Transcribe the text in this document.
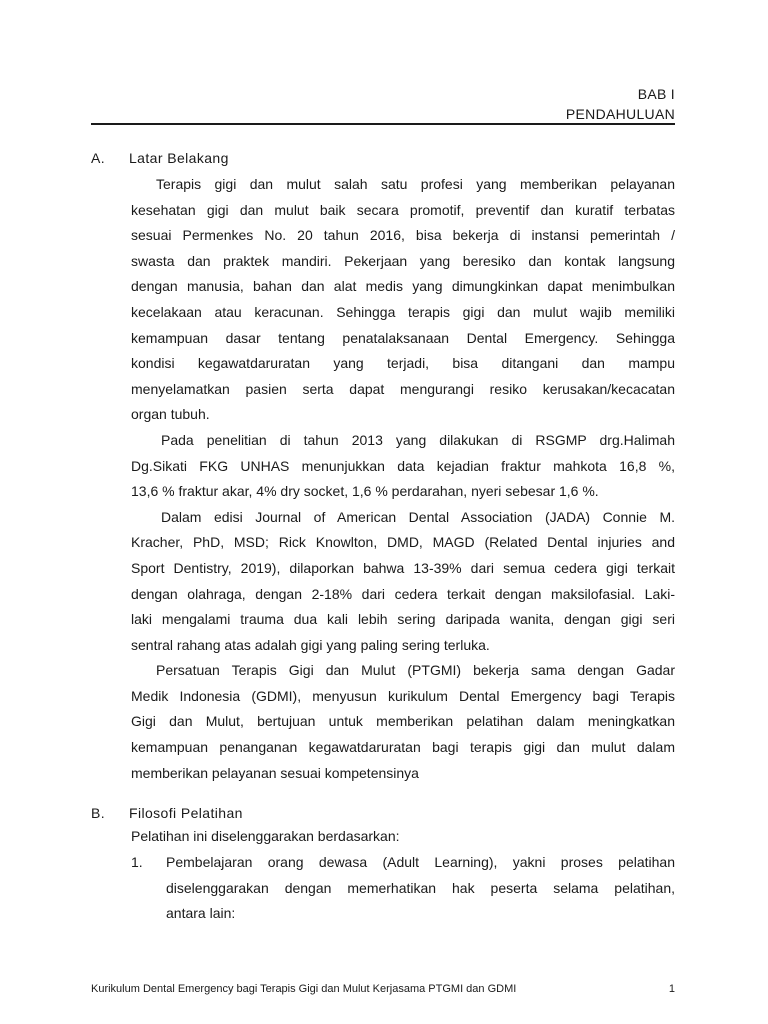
BAB I
PENDAHULUAN
A. Latar Belakang
Terapis gigi dan mulut salah satu profesi yang memberikan pelayanan
kesehatan gigi dan mulut baik secara promotif, preventif dan kuratif terbatas
sesuai Permenkes No. 20 tahun 2016, bisa bekerja di instansi pemerintah /
swasta dan praktek mandiri. Pekerjaan yang beresiko dan kontak langsung
dengan manusia, bahan dan alat medis yang dimungkinkan dapat menimbulkan
kecelakaan atau keracunan. Sehingga terapis gigi dan mulut wajib memiliki
kemampuan dasar tentang penatalaksanaan Dental Emergency. Sehingga
kondisi kegawatdaruratan yang terjadi, bisa ditangani dan mampu
menyelamatkan pasien serta dapat mengurangi resiko kerusakan/kecacatan
organ tubuh.
Pada penelitian di tahun 2013 yang dilakukan di RSGMP drg.Halimah
Dg.Sikati FKG UNHAS menunjukkan data kejadian fraktur mahkota 16,8 %,
13,6 % fraktur akar, 4% dry socket, 1,6 % perdarahan, nyeri sebesar 1,6 %.
Dalam edisi Journal of American Dental Association (JADA) Connie M.
Kracher, PhD, MSD; Rick Knowlton, DMD, MAGD (Related Dental injuries and
Sport Dentistry, 2019), dilaporkan bahwa 13-39% dari semua cedera gigi terkait
dengan olahraga, dengan 2-18% dari cedera terkait dengan maksilofasial. Laki-
laki mengalami trauma dua kali lebih sering daripada wanita, dengan gigi seri
sentral rahang atas adalah gigi yang paling sering terluka.
Persatuan Terapis Gigi dan Mulut (PTGMI) bekerja sama dengan Gadar
Medik Indonesia (GDMI), menyusun kurikulum Dental Emergency bagi Terapis
Gigi dan Mulut, bertujuan untuk memberikan pelatihan dalam meningkatkan
kemampuan penanganan kegawatdaruratan bagi terapis gigi dan mulut dalam
memberikan pelayanan sesuai kompetensinya
B. Filosofi Pelatihan
Pelatihan ini diselenggarakan berdasarkan:
1. Pembelajaran orang dewasa (Adult Learning), yakni proses pelatihan
diselenggarakan dengan memerhatikan hak peserta selama pelatihan,
antara lain:
Kurikulum Dental Emergency bagi Terapis Gigi dan Mulut Kerjasama PTGMI dan GDMI	1
